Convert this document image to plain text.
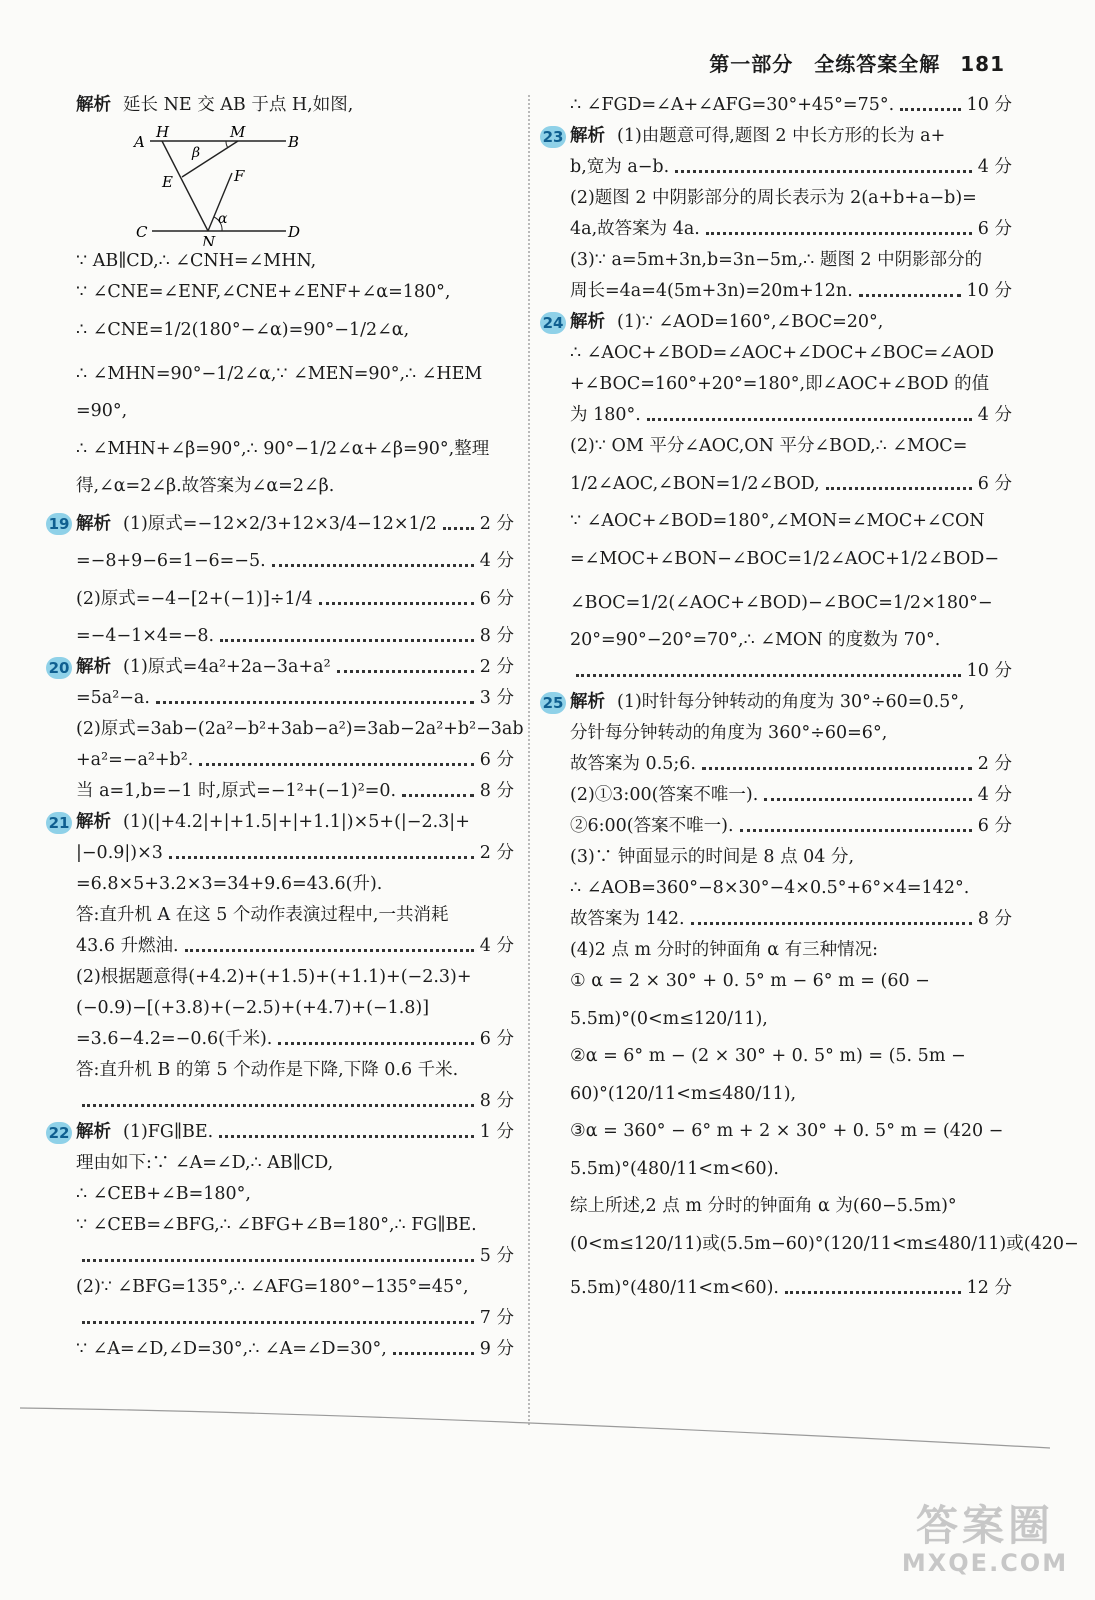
第一部分　全练答案全解 181
解析 延长 NE 交 AB 于点 H,如图,
A
H	M
B
β
E	F
α
C
N
D
∵ AB∥CD,∴ ∠CNH=∠MHN,
∵ ∠CNE=∠ENF,∠CNE+∠ENF+∠α=180°,
∴ ∠CNE=1/2(180°−∠α)=90°−1/2∠α,
∴ ∠MHN=90°−1/2∠α,∵ ∠MEN=90°,∴ ∠HEM
=90°,
∴ ∠MHN+∠β=90°,∴ 90°−1/2∠α+∠β=90°,整理
得,∠α=2∠β.故答案为∠α=2∠β.
19 解析 (1)原式=−12×2/3+12×3/4−12×1/2 2 分
=−8+9−6=1−6=−5.	4 分
(2)原式=−4−[2+(−1)]÷1/4	6 分
=−4−1×4=−8.	8 分
20 解析 (1)原式=4a²+2a−3a+a²	2 分
=5a²−a.	3 分
(2)原式=3ab−(2a²−b²+3ab−a²)=3ab−2a²+b²−3ab
+a²=−a²+b².	6 分
当 a=1,b=−1 时,原式=−1²+(−1)²=0.	8 分
21 解析 (1)(|+4.2|+|+1.5|+|+1.1|)×5+(|−2.3|+
|−0.9|)×3	2 分
=6.8×5+3.2×3=34+9.6=43.6(升).
答:直升机 A 在这 5 个动作表演过程中,一共消耗
43.6 升燃油.	4 分
(2)根据题意得(+4.2)+(+1.5)+(+1.1)+(−2.3)+
(−0.9)−[(+3.8)+(−2.5)+(+4.7)+(−1.8)]
=3.6−4.2=−0.6(千米).	6 分
答:直升机 B 的第 5 个动作是下降,下降 0.6 千米.
8 分
22 解析 (1)FG∥BE.	1 分
理由如下:∵ ∠A=∠D,∴ AB∥CD,
∴ ∠CEB+∠B=180°,
∵ ∠CEB=∠BFG,∴ ∠BFG+∠B=180°,∴ FG∥BE.
5 分
(2)∵ ∠BFG=135°,∴ ∠AFG=180°−135°=45°,
7 分
∵ ∠A=∠D,∠D=30°,∴ ∠A=∠D=30°,	9 分
∴ ∠FGD=∠A+∠AFG=30°+45°=75°.	10 分
23 解析 (1)由题意可得,题图 2 中长方形的长为 a+
b,宽为 a−b.	4 分
(2)题图 2 中阴影部分的周长表示为 2(a+b+a−b)=
4a,故答案为 4a.	6 分
(3)∵ a=5m+3n,b=3n−5m,∴ 题图 2 中阴影部分的
周长=4a=4(5m+3n)=20m+12n.	10 分
24 解析 (1)∵ ∠AOD=160°,∠BOC=20°,
∴ ∠AOC+∠BOD=∠AOC+∠DOC+∠BOC=∠AOD
+∠BOC=160°+20°=180°,即∠AOC+∠BOD 的值
为 180°.	4 分
(2)∵ OM 平分∠AOC,ON 平分∠BOD,∴ ∠MOC=
1/2∠AOC,∠BON=1/2∠BOD,	6 分
∵ ∠AOC+∠BOD=180°,∠MON=∠MOC+∠CON
=∠MOC+∠BON−∠BOC=1/2∠AOC+1/2∠BOD−
∠BOC=1/2(∠AOC+∠BOD)−∠BOC=1/2×180°−
20°=90°−20°=70°,∴ ∠MON 的度数为 70°.
10 分
25 解析 (1)时针每分钟转动的角度为 30°÷60=0.5°,
分针每分钟转动的角度为 360°÷60=6°,
故答案为 0.5;6.	2 分
(2)①3:00(答案不唯一).	4 分
②6:00(答案不唯一).	6 分
(3)∵ 钟面显示的时间是 8 点 04 分,
∴ ∠AOB=360°−8×30°−4×0.5°+6°×4=142°.
故答案为 142.	8 分
(4)2 点 m 分时的钟面角 α 有三种情况:
① α = 2 × 30° + 0. 5° m − 6° m = (60 −
5.5m)°(0<m≤120/11),
②α = 6° m − (2 × 30° + 0. 5° m) = (5. 5m −
60)°(120/11<m≤480/11),
③α = 360° − 6° m + 2 × 30° + 0. 5° m = (420 −
5.5m)°(480/11<m<60).
综上所述,2 点 m 分时的钟面角 α 为(60−5.5m)°
(0<m≤120/11)或(5.5m−60)°(120/11<m≤480/11)或(420−
5.5m)°(480/11<m<60).	12 分
答案圈
MXQE.COM
